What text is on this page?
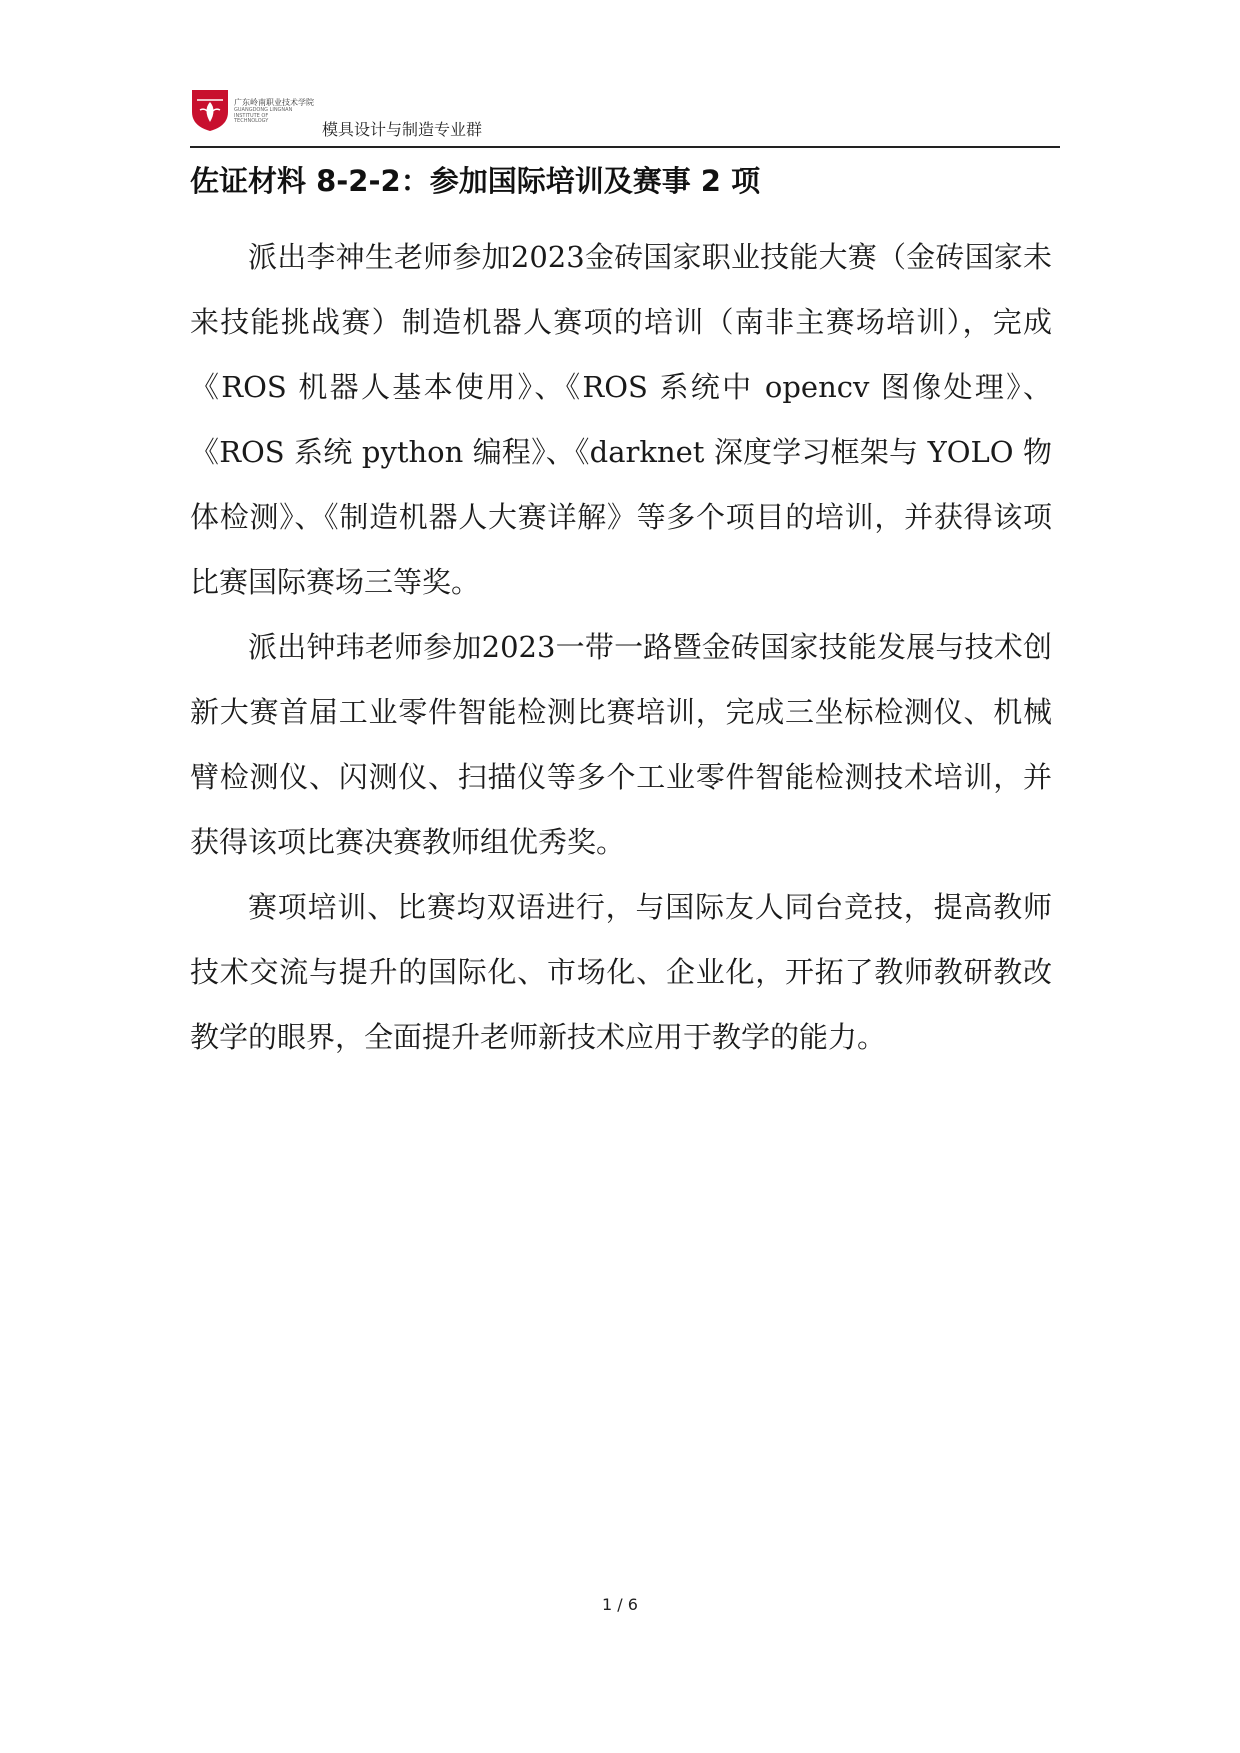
广东岭南职业技术学院
GUANGDONG LINGNAN
INSTITUTE OF TECHNOLOGY	模具设计与制造专业群
佐证材料 8-2-2：参加国际培训及赛事 2 项

派出李神生老师参加2023金砖国家职业技能大赛（金砖国家未来技能挑战赛）制造机器人赛项的培训（南非主赛场培训），完成《ROS 机器人基本使用》、《ROS 系统中 opencv 图像处理》、《ROS 系统 python 编程》、《darknet 深度学习框架与 YOLO 物体检测》、《制造机器人大赛详解》等多个项目的培训，并获得该项比赛国际赛场三等奖。

派出钟玮老师参加2023一带一路暨金砖国家技能发展与技术创新大赛首届工业零件智能检测比赛培训，完成三坐标检测仪、机械臂检测仪、闪测仪、扫描仪等多个工业零件智能检测技术培训，并获得该项比赛决赛教师组优秀奖。

赛项培训、比赛均双语进行，与国际友人同台竞技，提高教师技术交流与提升的国际化、市场化、企业化，开拓了教师教研教改教学的眼界，全面提升老师新技术应用于教学的能力。

1 / 6
